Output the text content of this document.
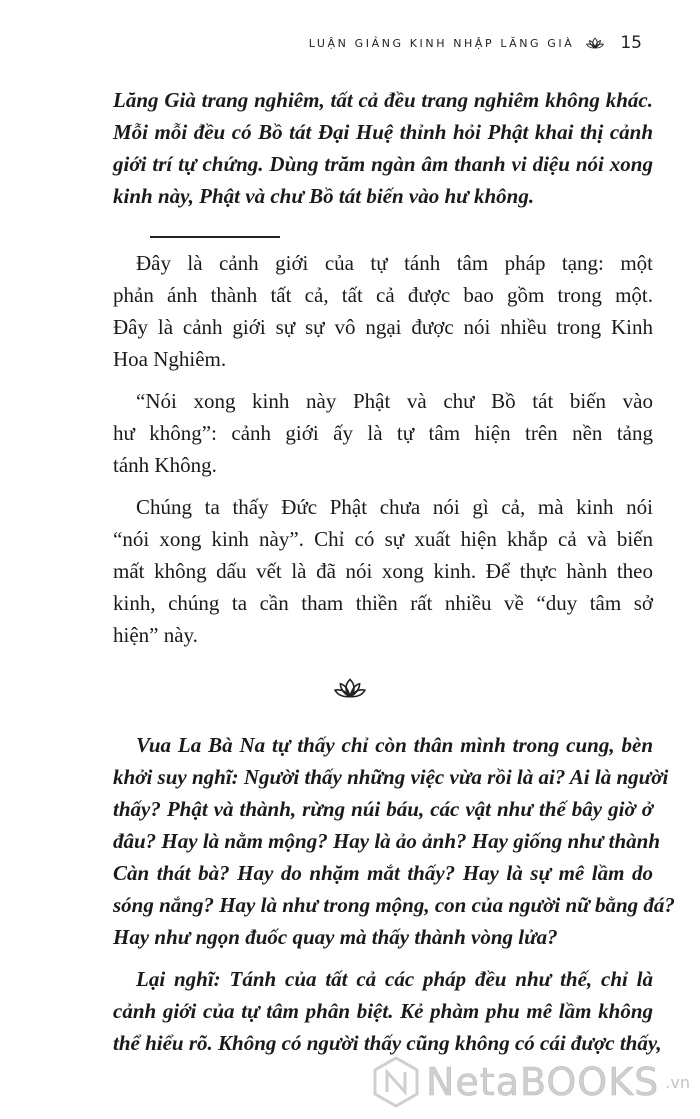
LUẬN GIẢNG KINH NHẬP LĂNG GIÀ	15
Lăng Già trang nghiêm, tất cả đều trang nghiêm không khác.
Mỗi mỗi đều có Bồ tát Đại Huệ thỉnh hỏi Phật khai thị cảnh
giới trí tự chứng. Dùng trăm ngàn âm thanh vi diệu nói xong
kinh này, Phật và chư Bồ tát biến vào hư không.
Đây là cảnh giới của tự tánh tâm pháp tạng: một
phản ánh thành tất cả, tất cả được bao gồm trong một.
Đây là cảnh giới sự sự vô ngại được nói nhiều trong Kinh
Hoa Nghiêm.
“Nói xong kinh này Phật và chư Bồ tát biến vào
hư không”: cảnh giới ấy là tự tâm hiện trên nền tảng
tánh Không.
Chúng ta thấy Đức Phật chưa nói gì cả, mà kinh nói
“nói xong kinh này”. Chỉ có sự xuất hiện khắp cả và biến
mất không dấu vết là đã nói xong kinh. Để thực hành theo
kinh, chúng ta cần tham thiền rất nhiều về “duy tâm sở
hiện” này.
Vua La Bà Na tự thấy chỉ còn thân mình trong cung, bèn
khởi suy nghĩ: Người thấy những việc vừa rồi là ai? Ai là người
thấy? Phật và thành, rừng núi báu, các vật như thế bây giờ ở
đâu? Hay là nằm mộng? Hay là ảo ảnh? Hay giống như thành
Càn thát bà? Hay do nhặm mắt thấy? Hay là sự mê lầm do
sóng nắng? Hay là như trong mộng, con của người nữ bằng đá?
Hay như ngọn đuốc quay mà thấy thành vòng lửa?
Lại nghĩ: Tánh của tất cả các pháp đều như thế, chỉ là
cảnh giới của tự tâm phân biệt. Kẻ phàm phu mê lầm không
thể hiểu rõ. Không có người thấy cũng không có cái được thấy,
NetaBOOKS .vn
